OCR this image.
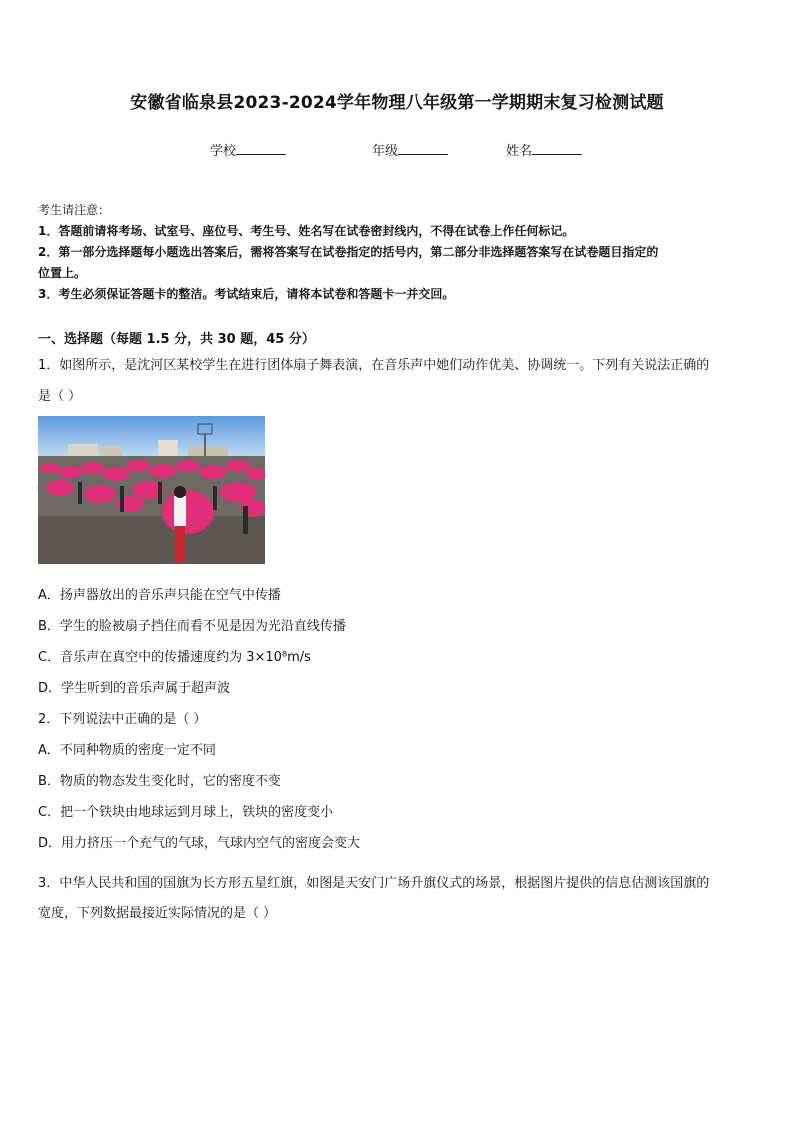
安徽省临泉县2023-2024学年物理八年级第一学期期末复习检测试题
学校	年级	姓名
考生请注意：
1．答题前请将考场、试室号、座位号、考生号、姓名写在试卷密封线内，不得在试卷上作任何标记。
2．第一部分选择题每小题选出答案后，需将答案写在试卷指定的括号内，第二部分非选择题答案写在试卷题目指定的
位置上。
3．考生必须保证答题卡的整洁。考试结束后，请将本试卷和答题卡一并交回。
一、选择题（每题 1.5 分，共 30 题，45 分）
1．如图所示，是沈河区某校学生在进行团体扇子舞表演，在音乐声中她们动作优美、协调统一。下列有关说法正确的
是（ ）
A．扬声器放出的音乐声只能在空气中传播
B．学生的脸被扇子挡住而看不见是因为光沿直线传播
C．音乐声在真空中的传播速度约为 3×10⁸m/s
D．学生听到的音乐声属于超声波
2．下列说法中正确的是（ ）
A．不同种物质的密度一定不同
B．物质的物态发生变化时，它的密度不变
C．把一个铁块由地球运到月球上，铁块的密度变小
D．用力挤压一个充气的气球，气球内空气的密度会变大
3．中华人民共和国的国旗为长方形五星红旗，如图是天安门广场升旗仪式的场景，根据图片提供的信息估测该国旗的
宽度，下列数据最接近实际情况的是（ ）
